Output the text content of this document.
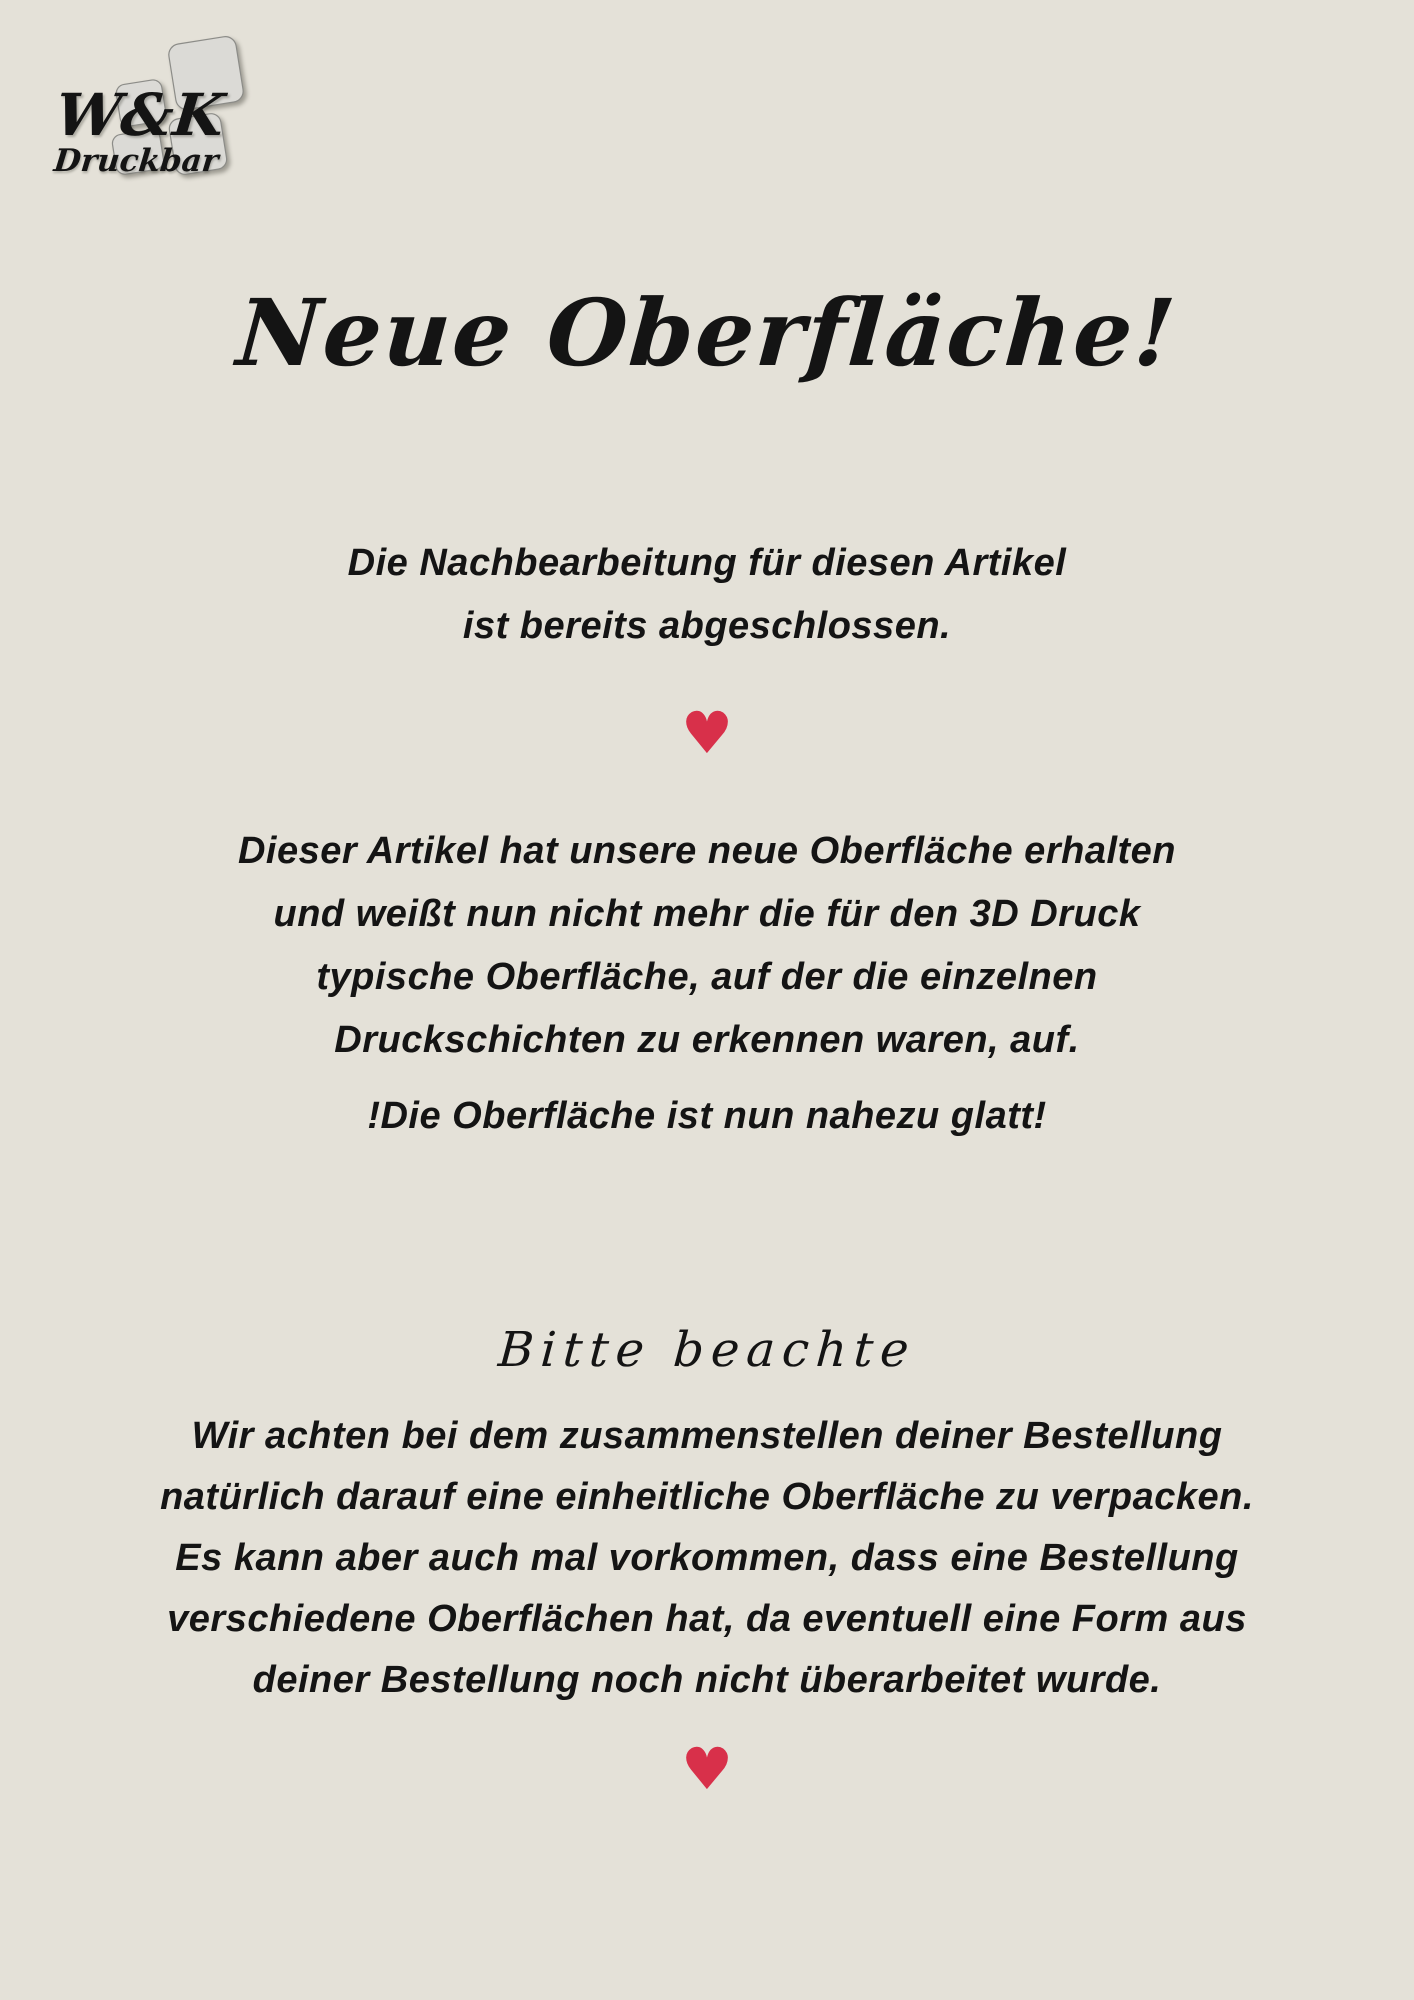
W&K
Druckbar
Neue Oberfläche!
Die Nachbearbeitung für diesen Artikel
ist bereits abgeschlossen.
♥
Dieser Artikel hat unsere neue Oberfläche erhalten
und weißt nun nicht mehr die für den 3D Druck
typische Oberfläche, auf der die einzelnen
Druckschichten zu erkennen waren, auf.
!Die Oberfläche ist nun nahezu glatt!
Bitte beachte
Wir achten bei dem zusammenstellen deiner Bestellung
natürlich darauf eine einheitliche Oberfläche zu verpacken.
Es kann aber auch mal vorkommen, dass eine Bestellung
verschiedene Oberflächen hat, da eventuell eine Form aus
deiner Bestellung noch nicht überarbeitet wurde.
♥
